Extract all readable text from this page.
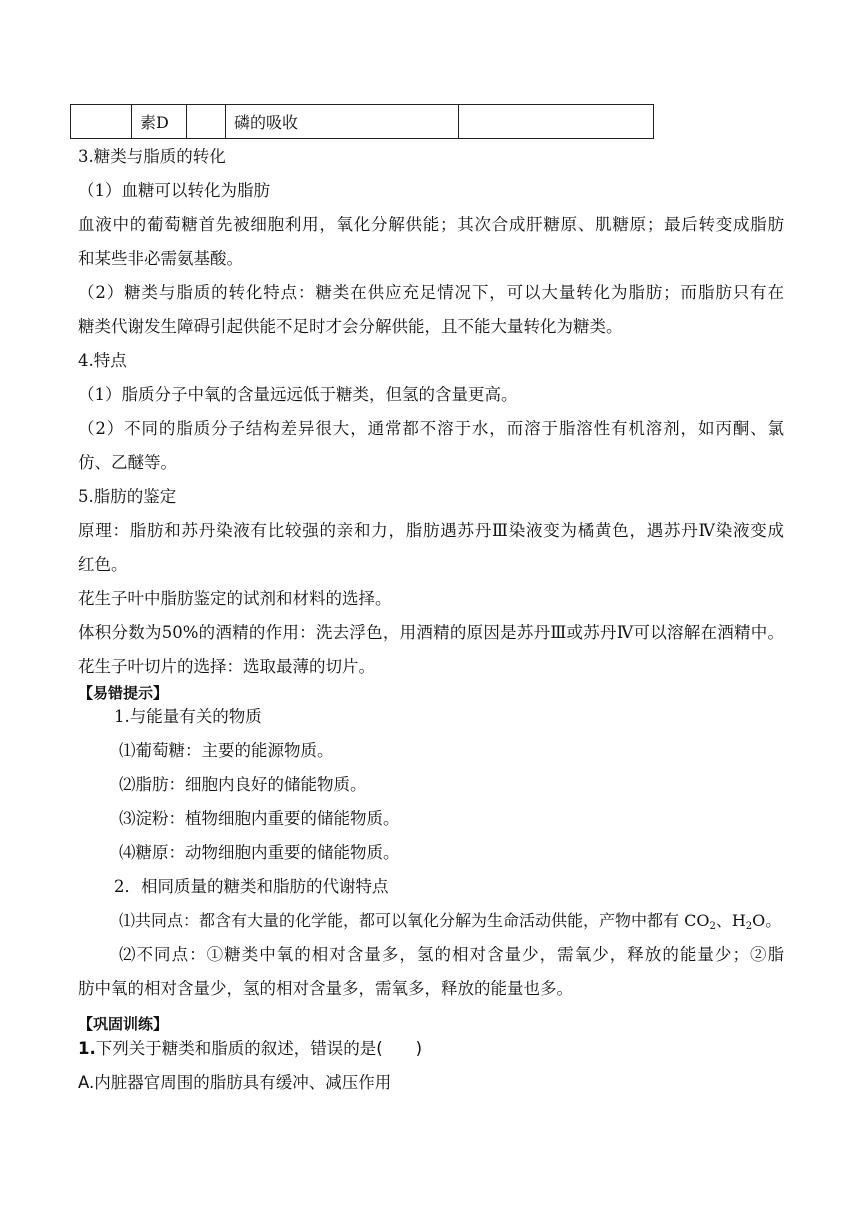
	素D		磷的吸收	
3.糖类与脂质的转化
（1）血糖可以转化为脂肪
血液中的葡萄糖首先被细胞利用，氧化分解供能；其次合成肝糖原、肌糖原；最后转变成脂肪
和某些非必需氨基酸。
（2）糖类与脂质的转化特点：糖类在供应充足情况下，可以大量转化为脂肪；而脂肪只有在
糖类代谢发生障碍引起供能不足时才会分解供能，且不能大量转化为糖类。
4.特点
（1）脂质分子中氧的含量远远低于糖类，但氢的含量更高。
（2）不同的脂质分子结构差异很大，通常都不溶于水，而溶于脂溶性有机溶剂，如丙酮、氯
仿、乙醚等。
5.脂肪的鉴定
原理：脂肪和苏丹染液有比较强的亲和力，脂肪遇苏丹Ⅲ染液变为橘黄色，遇苏丹Ⅳ染液变成
红色。
花生子叶中脂肪鉴定的试剂和材料的选择。
体积分数为50%的酒精的作用：洗去浮色，用酒精的原因是苏丹Ⅲ或苏丹Ⅳ可以溶解在酒精中。
花生子叶切片的选择：选取最薄的切片。
【易错提示】
1.与能量有关的物质
⑴葡萄糖：主要的能源物质。
⑵脂肪：细胞内良好的储能物质。
⑶淀粉：植物细胞内重要的储能物质。
⑷糖原：动物细胞内重要的储能物质。
2．相同质量的糖类和脂肪的代谢特点
⑴共同点：都含有大量的化学能，都可以氧化分解为生命活动供能，产物中都有 $CO_2$、$H_2O$。
⑵不同点：①糖类中氧的相对含量多，氢的相对含量少，需氧少，释放的能量少；②脂
肪中氧的相对含量少，氢的相对含量多，需氧多，释放的能量也多。
【巩固训练】
1.下列关于糖类和脂质的叙述，错误的是(　　)
A.内脏器官周围的脂肪具有缓冲、减压作用
